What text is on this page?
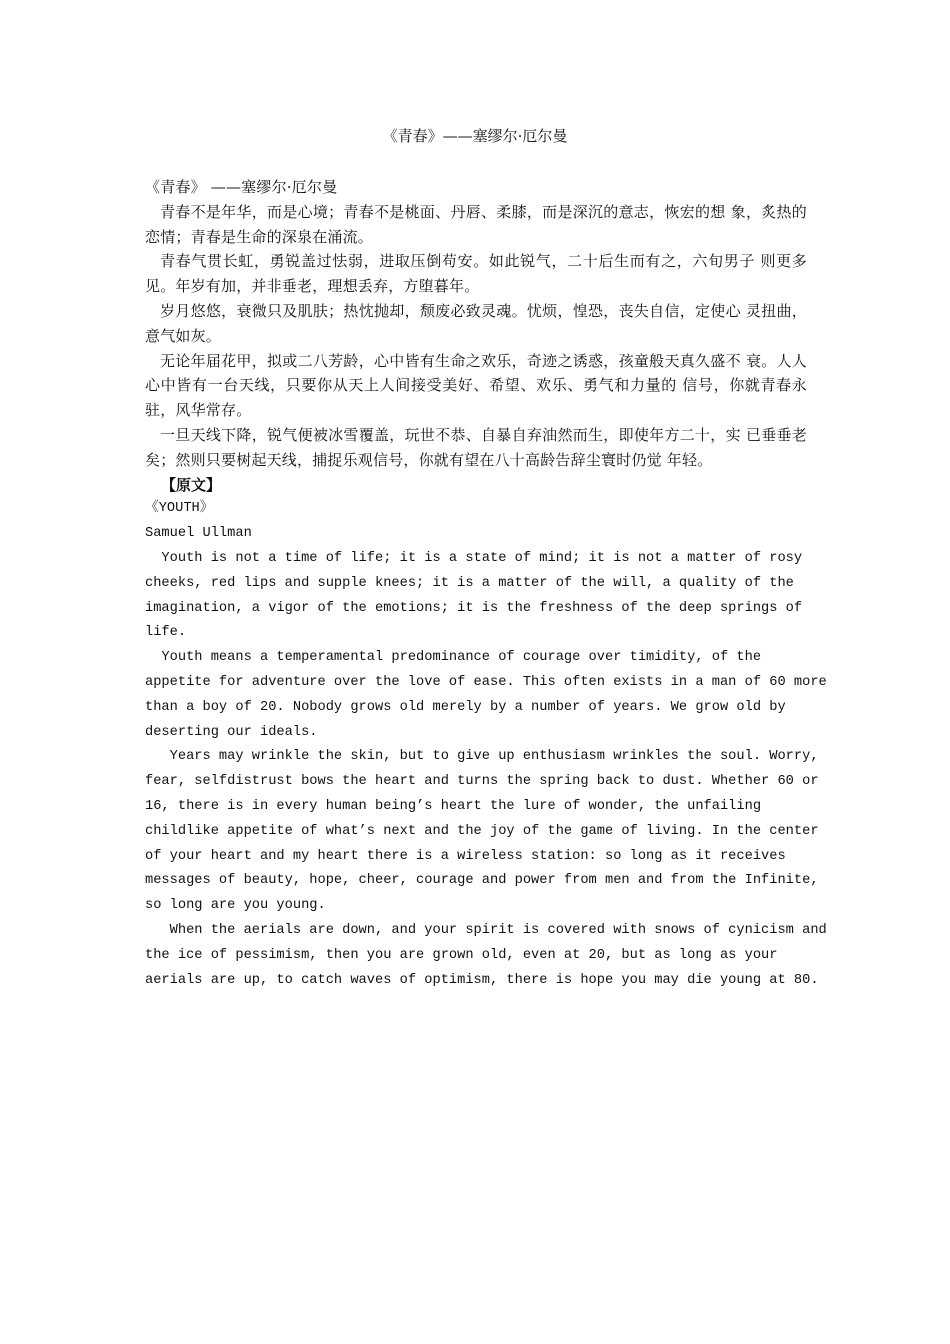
《青春》——塞缪尔·厄尔曼

《青春》 ——塞缪尔·厄尔曼

青春不是年华，而是心境；青春不是桃面、丹唇、柔膝，而是深沉的意志，恢宏的想 象，炙热的恋情；青春是生命的深泉在涌流。

青春气贯长虹，勇锐盖过怯弱，进取压倒苟安。如此锐气，二十后生而有之，六旬男子 则更多见。年岁有加，并非垂老，理想丢弃，方堕暮年。

岁月悠悠，衰微只及肌肤；热忱抛却，颓废必致灵魂。忧烦，惶恐，丧失自信，定使心 灵扭曲，意气如灰。

无论年届花甲，拟或二八芳龄，心中皆有生命之欢乐，奇迹之诱惑，孩童般天真久盛不 衰。人人心中皆有一台天线，只要你从天上人间接受美好、希望、欢乐、勇气和力量的 信号，你就青春永驻，风华常存。

一旦天线下降，锐气便被冰雪覆盖，玩世不恭、自暴自弃油然而生，即使年方二十，实 已垂垂老矣；然则只要树起天线，捕捉乐观信号，你就有望在八十高龄告辞尘寰时仍觉 年轻。

【原文】

《YOUTH》

Samuel Ullman

Youth is not a time of life; it is a state of mind; it is not a matter of rosy
cheeks, red lips and supple knees; it is a matter of the will, a quality of the
imagination, a vigor of the emotions; it is the freshness of the deep springs of
life.

Youth means a temperamental predominance of courage over timidity, of the
appetite for adventure over the love of ease. This often exists in a man of 60 more
than a boy of 20. Nobody grows old merely by a number of years. We grow old by
deserting our ideals.

Years may wrinkle the skin, but to give up enthusiasm wrinkles the soul. Worry,
fear, selfdistrust bows the heart and turns the spring back to dust. Whether 60 or
16, there is in every human being’s heart the lure of wonder, the unfailing
childlike appetite of what’s next and the joy of the game of living. In the center
of your heart and my heart there is a wireless station: so long as it receives
messages of beauty, hope, cheer, courage and power from men and from the Infinite,
so long are you young.

When the aerials are down, and your spirit is covered with snows of cynicism and
the ice of pessimism, then you are grown old, even at 20, but as long as your
aerials are up, to catch waves of optimism, there is hope you may die young at 80.
